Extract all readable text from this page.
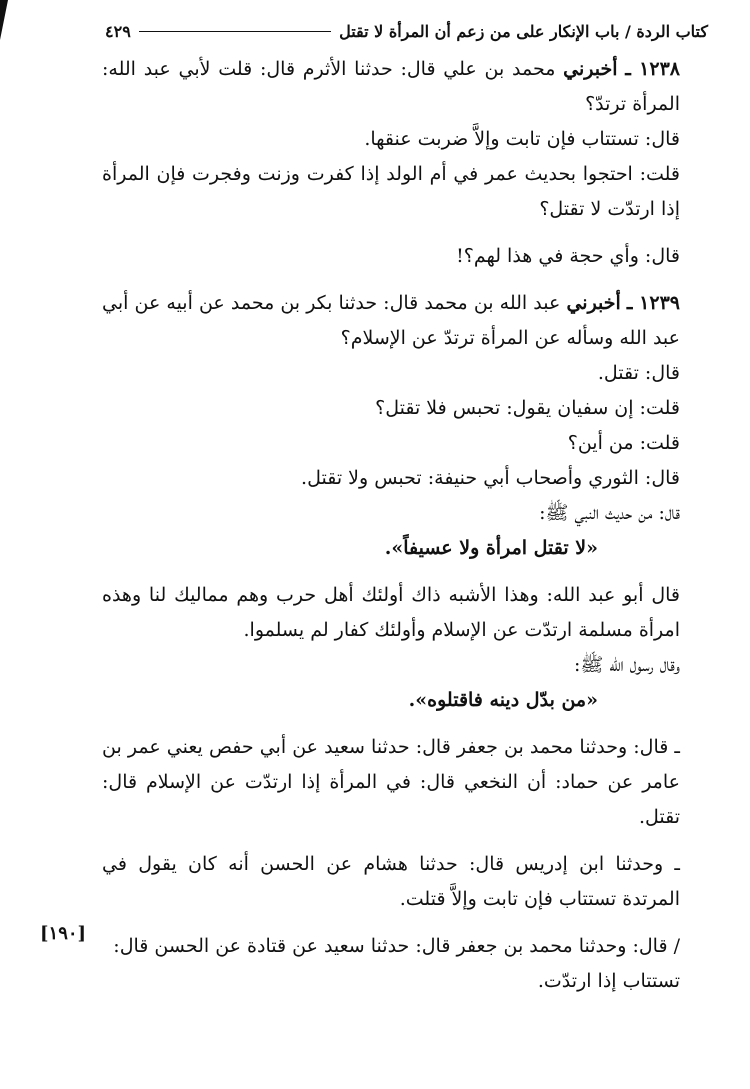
كتاب الردة / باب الإنكار على من زعم أن المرأة لا تقتل
٤٢٩

١٢٣٨ ـ أخبرني محمد بن علي قال: حدثنا الأثرم قال: قلت لأبي عبد الله: المرأة ترتدّ؟

قال: تستتاب فإن تابت وإلاَّ ضربت عنقها.

قلت: احتجوا بحديث عمر في أم الولد إذا كفرت وزنت وفجرت فإن المرأة إذا ارتدّت لا تقتل؟

قال: وأي حجة في هذا لهم؟!

١٢٣٩ ـ أخبرني عبد الله بن محمد قال: حدثنا بكر بن محمد عن أبيه عن أبي عبد الله وسأله عن المرأة ترتدّ عن الإسلام؟

قال: تقتل.

قلت: إن سفيان يقول: تحبس فلا تقتل؟

قلت: من أين؟

قال: الثوري وأصحاب أبي حنيفة: تحبس ولا تقتل.

قال: من حديث النبي ﷺ:

«لا تقتل امرأة ولا عسيفاً».

قال أبو عبد الله: وهذا الأشبه ذاك أولئك أهل حرب وهم مماليك لنا وهذه امرأة مسلمة ارتدّت عن الإسلام وأولئك كفار لم يسلموا.

وقال رسول الله ﷺ:

«من بدّل دينه فاقتلوه».

ـ قال: وحدثنا محمد بن جعفر قال: حدثنا سعيد عن أبي حفص يعني عمر بن عامر عن حماد: أن النخعي قال: في المرأة إذا ارتدّت عن الإسلام قال: تقتل.

ـ وحدثنا ابن إدريس قال: حدثنا هشام عن الحسن أنه كان يقول في المرتدة تستتاب فإن تابت وإلاَّ قتلت.

/ قال: وحدثنا محمد بن جعفر قال: حدثنا سعيد عن قتادة عن الحسن قال:

تستتاب إذا ارتدّت.

[١٩٠]
